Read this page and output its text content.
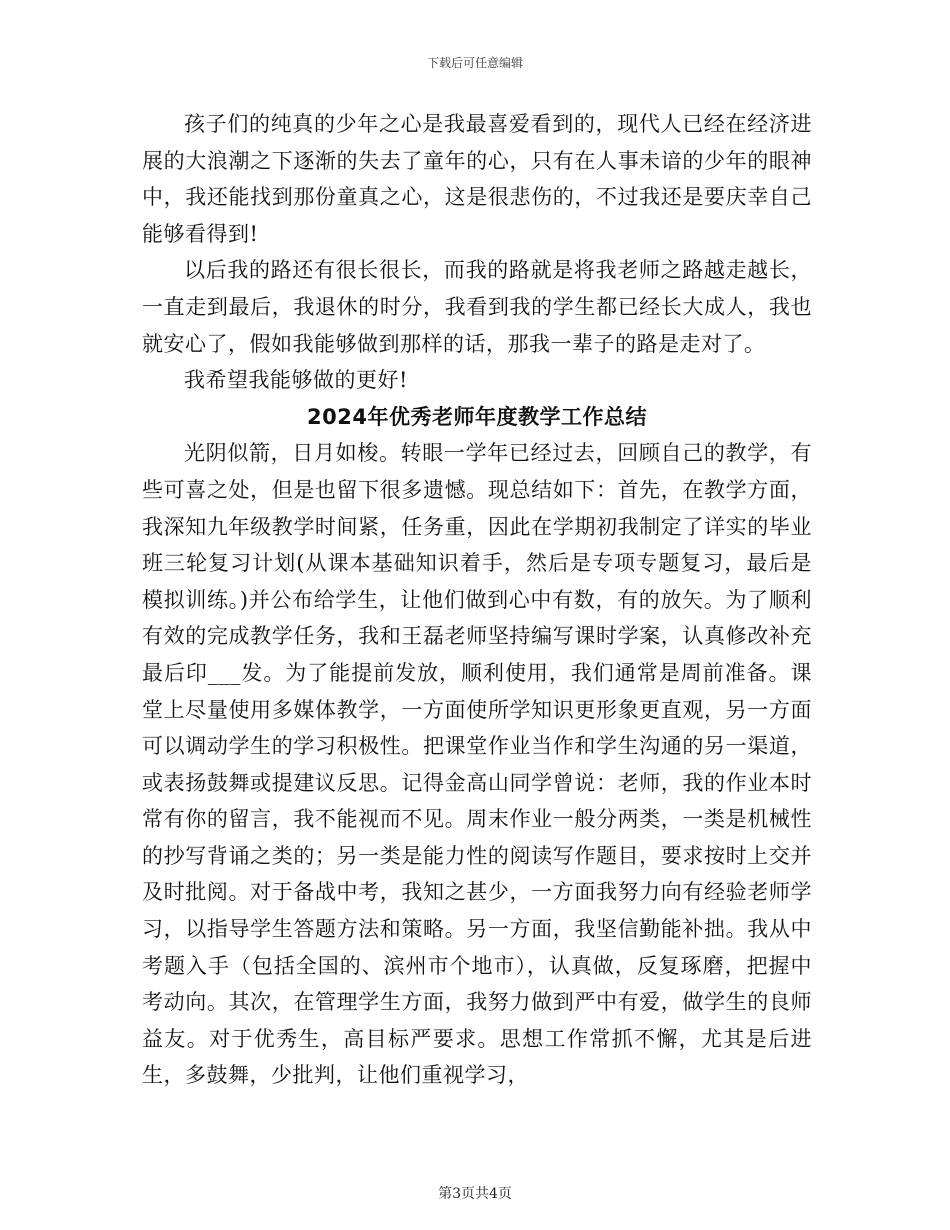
下载后可任意编辑

孩子们的纯真的少年之心是我最喜爱看到的，现代人已经在经济进展的大浪潮之下逐渐的失去了童年的心，只有在人事未谙的少年的眼神中，我还能找到那份童真之心，这是很悲伤的，不过我还是要庆幸自己能够看得到!

以后我的路还有很长很长，而我的路就是将我老师之路越走越长，一直走到最后，我退休的时分，我看到我的学生都已经长大成人，我也就安心了，假如我能够做到那样的话，那我一辈子的路是走对了。

我希望我能够做的更好!

2024年优秀老师年度教学工作总结

光阴似箭，日月如梭。转眼一学年已经过去，回顾自己的教学，有些可喜之处，但是也留下很多遗憾。现总结如下：首先，在教学方面，我深知九年级教学时间紧，任务重，因此在学期初我制定了详实的毕业班三轮复习计划(从课本基础知识着手，然后是专项专题复习，最后是模拟训练。)并公布给学生，让他们做到心中有数，有的放矢。为了顺利有效的完成教学任务，我和王磊老师坚持编写课时学案，认真修改补充最后印___发。为了能提前发放，顺利使用，我们通常是周前准备。课堂上尽量使用多媒体教学，一方面使所学知识更形象更直观，另一方面可以调动学生的学习积极性。把课堂作业当作和学生沟通的另一渠道，或表扬鼓舞或提建议反思。记得金高山同学曾说：老师，我的作业本时常有你的留言，我不能视而不见。周末作业一般分两类，一类是机械性的抄写背诵之类的；另一类是能力性的阅读写作题目，要求按时上交并及时批阅。对于备战中考，我知之甚少，一方面我努力向有经验老师学习，以指导学生答题方法和策略。另一方面，我坚信勤能补拙。我从中考题入手（包括全国的、滨州市个地市），认真做，反复琢磨，把握中考动向。其次，在管理学生方面，我努力做到严中有爱，做学生的良师益友。对于优秀生，高目标严要求。思想工作常抓不懈，尤其是后进生，多鼓舞，少批判，让他们重视学习，

第3页共4页
